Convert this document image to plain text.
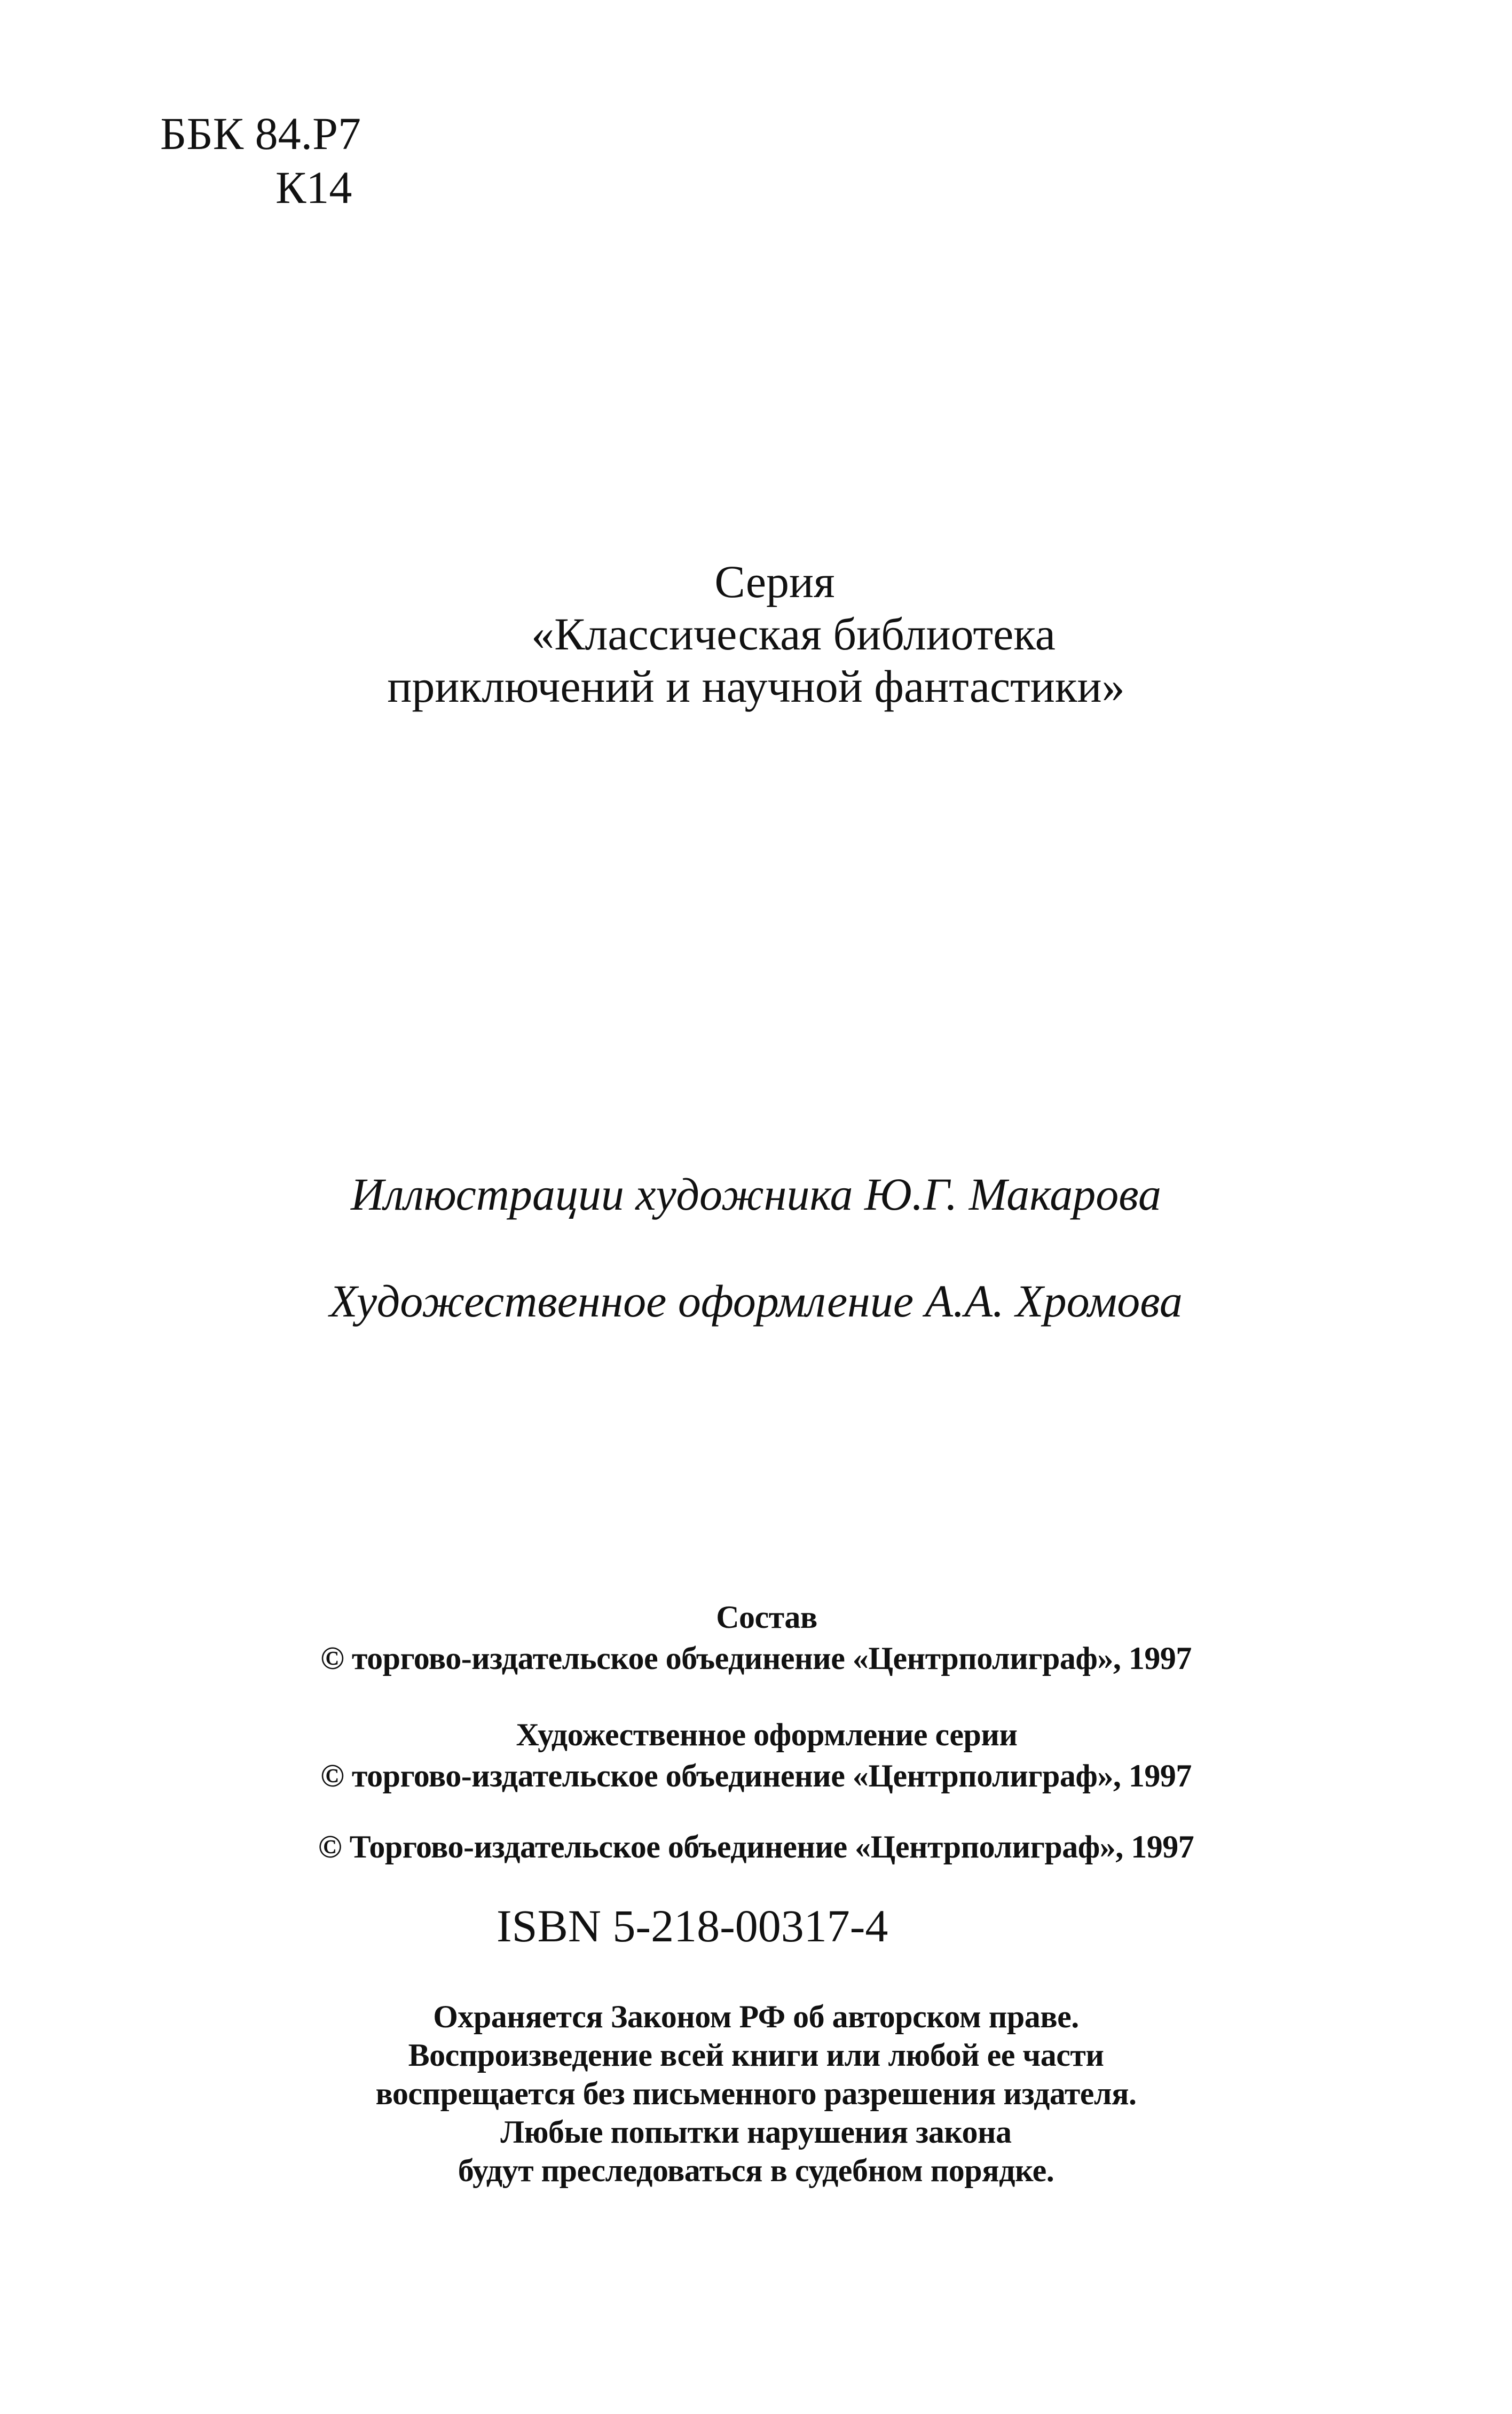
ББК 84.Р7
К14
Серия
«Классическая библиотека
приключений и научной фантастики»
Иллюстрации художника Ю.Г. Макарова
Художественное оформление А.А. Хромова
Состав
© торгово-издательское объединение «Центрполиграф», 1997
Художественное оформление серии
© торгово-издательское объединение «Центрполиграф», 1997
© Торгово-издательское объединение «Центрполиграф», 1997
ISBN 5-218-00317-4
Охраняется Законом РФ об авторском праве.
Воспроизведение всей книги или любой ее части
воспрещается без письменного разрешения издателя.
Любые попытки нарушения закона
будут преследоваться в судебном порядке.
